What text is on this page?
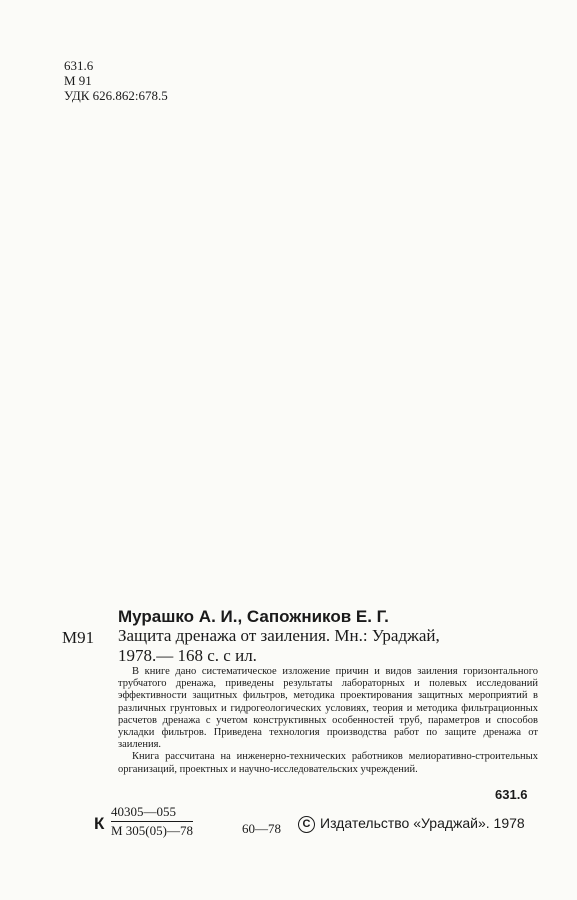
631.6
М 91
УДК 626.862:678.5
М91
Мурашко А. И., Сапожников Е. Г.
Защита дренажа от заиления. Мн.: Ураджай,
1978.— 168 с. с ил.

В книге дано систематическое изложение причин и видов заиления горизонтального трубчатого дренажа, приведены результаты лабораторных и полевых исследований эффективности защитных фильтров, методика проектирования защитных мероприятий в различных грунтовых и гидрогеологических условиях, теория и методика фильтрационных расчетов дренажа с учетом конструктивных особенностей труб, параметров и способов укладки фильтров. Приведена технология производства работ по защите дренажа от заиления.

Книга рассчитана на инженерно-технических работников мелиоративно-строительных организаций, проектных и научно-исследовательских учреждений.

631.6
К
40305—055
М 305(05)—78	60—78	С Издательство «Ураджай». 1978
